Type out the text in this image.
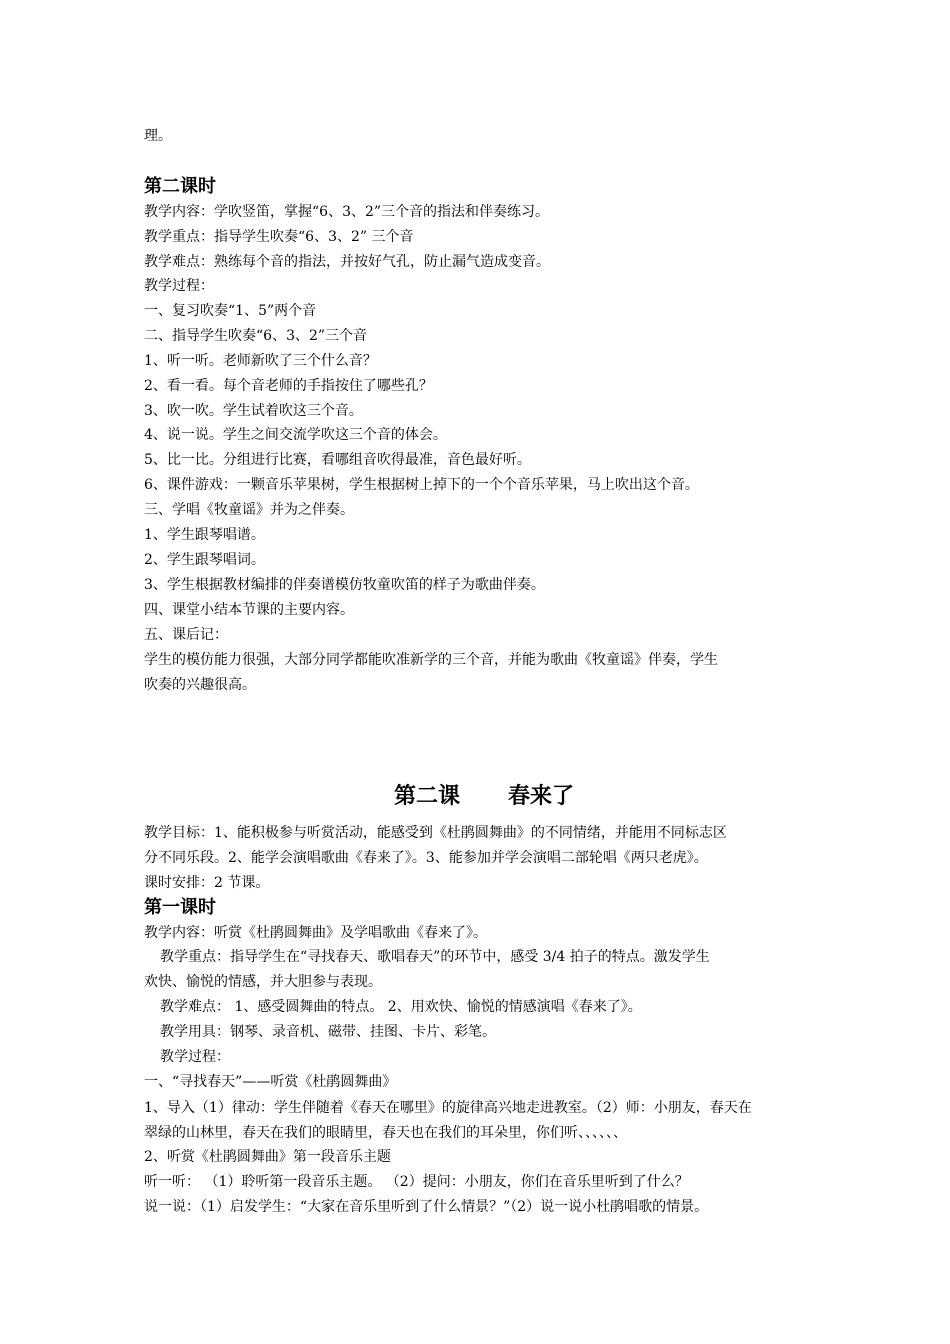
理。
第二课时
教学内容：学吹竖笛，掌握“6、3、2”三个音的指法和伴奏练习。
教学重点：指导学生吹奏“6、3、2” 三个音
教学难点：熟练每个音的指法，并按好气孔，防止漏气造成变音。
教学过程：
一、复习吹奏“1、5”两个音
二、指导学生吹奏“6、3、2”三个音
1、听一听。老师新吹了三个什么音？
2、看一看。每个音老师的手指按住了哪些孔？
3、吹一吹。学生试着吹这三个音。
4、说一说。学生之间交流学吹这三个音的体会。
5、比一比。分组进行比赛，看哪组音吹得最准，音色最好听。
6、课件游戏：一颗音乐苹果树，学生根据树上掉下的一个个音乐苹果，马上吹出这个音。
三、学唱《牧童谣》并为之伴奏。
1、学生跟琴唱谱。
2、学生跟琴唱词。
3、学生根据教材编排的伴奏谱模仿牧童吹笛的样子为歌曲伴奏。
四、课堂小结本节课的主要内容。
五、课后记：
学生的模仿能力很强，大部分同学都能吹准新学的三个音，并能为歌曲《牧童谣》伴奏，学生
吹奏的兴趣很高。
第二课 春来了
教学目标：1、能积极参与听赏活动，能感受到《杜鹃圆舞曲》的不同情绪，并能用不同标志区
分不同乐段。2、能学会演唱歌曲《春来了》。3、能参加并学会演唱二部轮唱《两只老虎》。
课时安排：2 节课。
第一课时
教学内容：听赏《杜鹃圆舞曲》及学唱歌曲《春来了》。
教学重点：指导学生在“寻找春天、歌唱春天”的环节中，感受 3/4 拍子的特点。激发学生
欢快、愉悦的情感，并大胆参与表现。
教学难点： 1、感受圆舞曲的特点。 2、用欢快、愉悦的情感演唱《春来了》。
教学用具：钢琴、录音机、磁带、挂图、卡片、彩笔。
教学过程：
一、“寻找春天”——听赏《杜鹃圆舞曲》
1、导入（1）律动：学生伴随着《春天在哪里》的旋律高兴地走进教室。（2）师：小朋友，春天在
翠绿的山林里，春天在我们的眼睛里，春天也在我们的耳朵里，你们听、、、、、、
2、听赏《杜鹃圆舞曲》第一段音乐主题
听一听： （1）聆听第一段音乐主题。 （2）提问：小朋友，你们在音乐里听到了什么？
说一说：（1）启发学生：“大家在音乐里听到了什么情景？”（2）说一说小杜鹃唱歌的情景。
